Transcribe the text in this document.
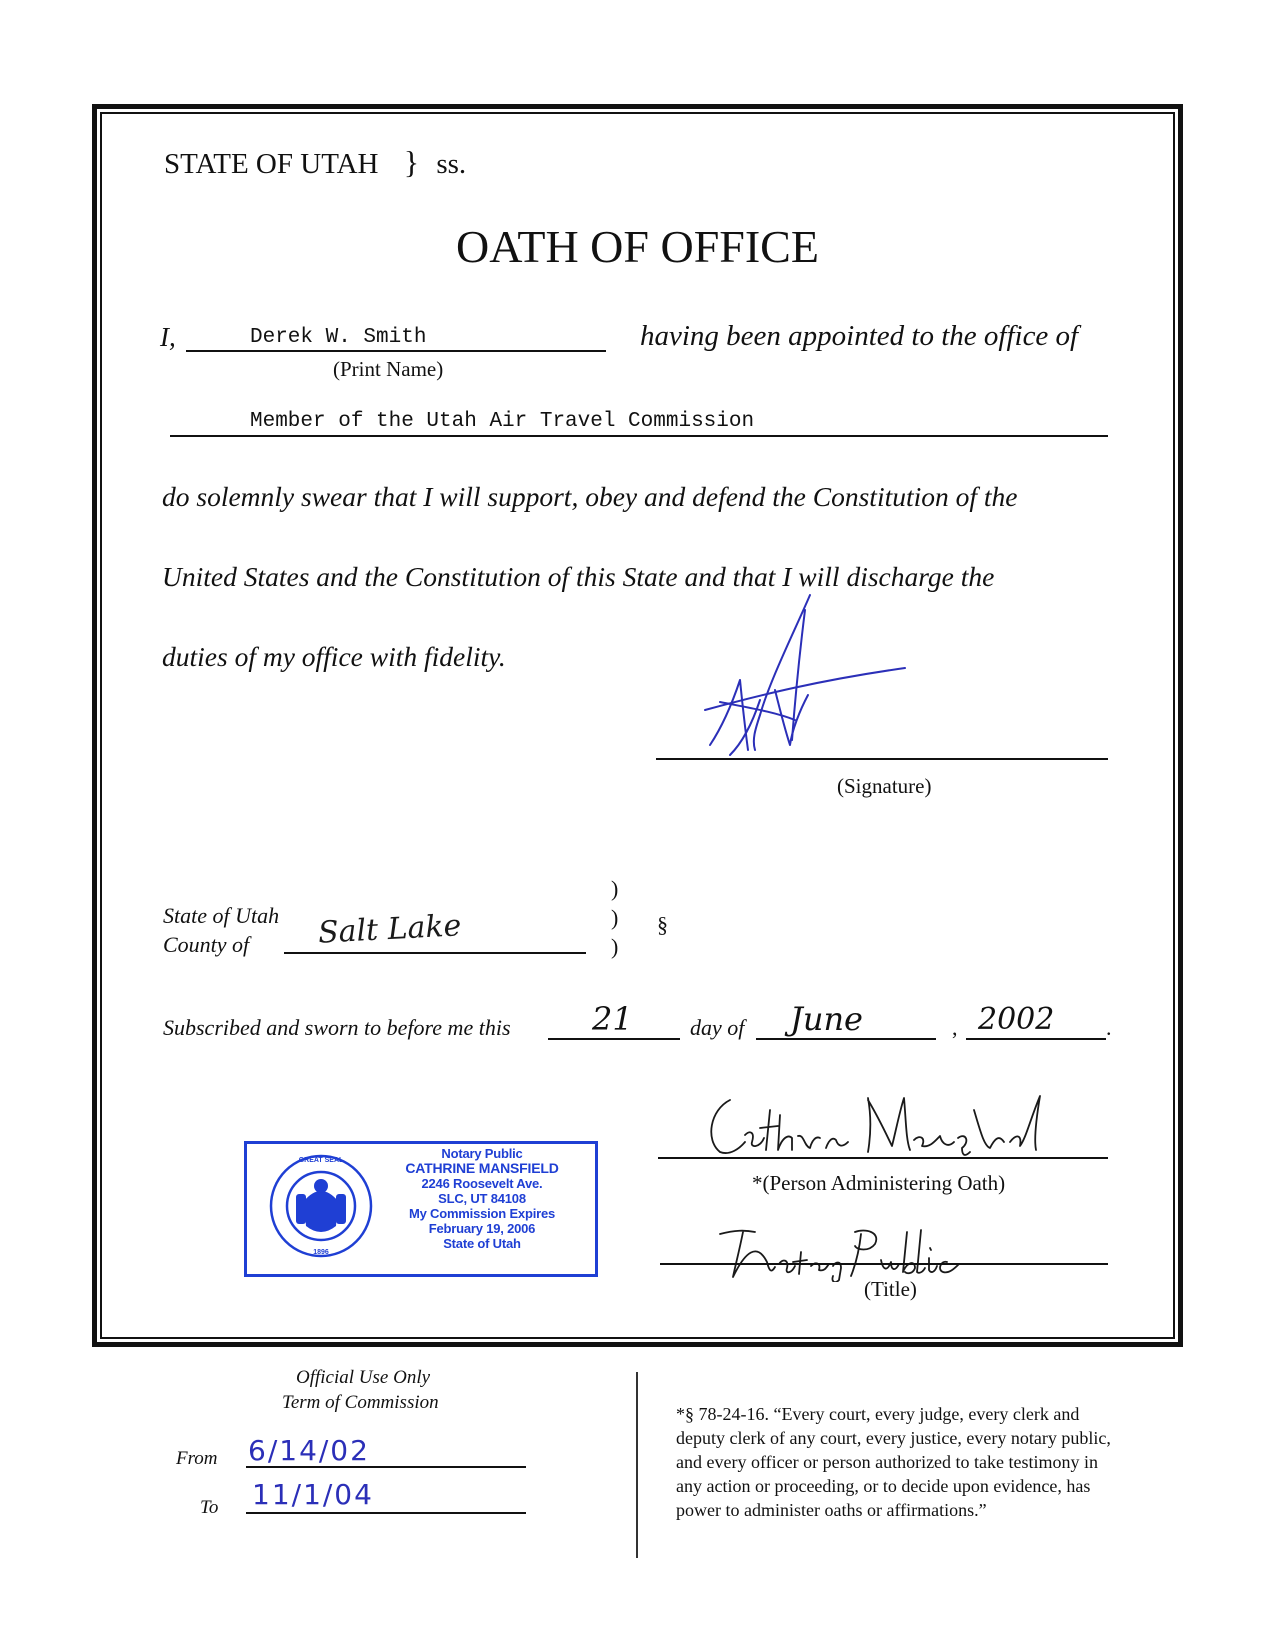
STATE OF UTAH } ss.
OATH OF OFFICE
I,	Derek W. Smith
(Print Name)
having been appointed to the office of
Member of the Utah Air Travel Commission
do solemnly swear that I will support, obey and defend the Constitution of the
United States and the Constitution of this State and that I will discharge the
duties of my office with fidelity.
(Signature)
State of Utah
County of Salt Lake
)
)
)
§
Subscribed and sworn to before me this	21	day of June	, 2002 .
GREAT SEAL
1896
Notary Public
CATHRINE MANSFIELD
2246 Roosevelt Ave.
SLC, UT 84108
My Commission Expires
February 19, 2006
State of Utah
*(Person Administering Oath)
(Title)
Official Use Only
Term of Commission
From 6/14/02
To 11/1/04
*§ 78-24-16. “Every court, every judge, every clerk and
deputy clerk of any court, every justice, every notary public,
and every officer or person authorized to take testimony in
any action or proceeding, or to decide upon evidence, has
power to administer oaths or affirmations.”
